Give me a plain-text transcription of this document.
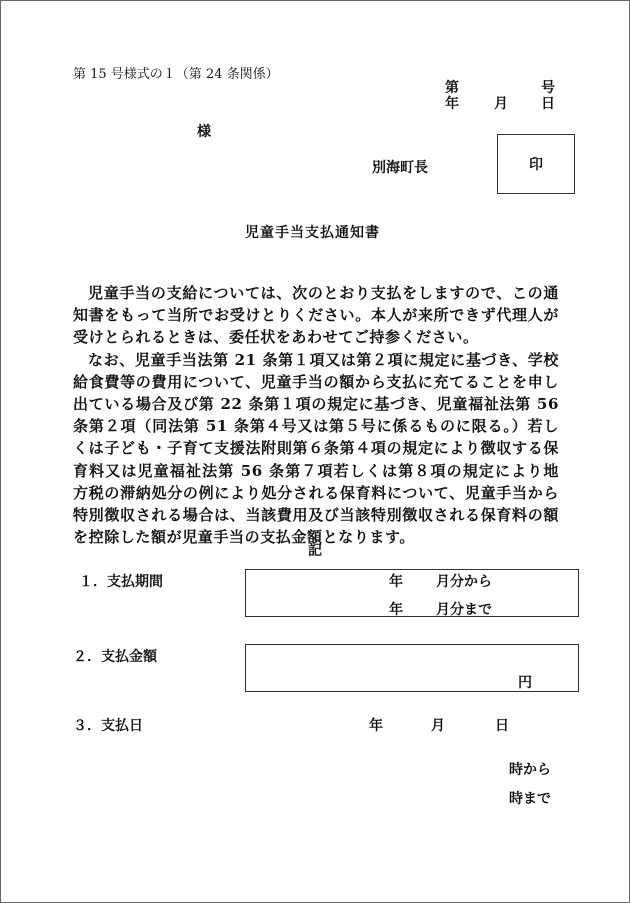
第 15 号様式の１（第 24 条関係）
第	号
年	月 日
様
別海町長	印
児童手当支払通知書

児童手当の支給については、次のとおり支払をしますので、この通知書をもって当所でお受けとりください。本人が来所できず代理人が受けとられるときは、委任状をあわせてご持参ください。

なお、児童手当法第 21 条第１項又は第２項に規定に基づき、学校給食費等の費用について、児童手当の額から支払に充てることを申し出ている場合及び第 22 条第１項の規定に基づき、児童福祉法第 56 条第２項（同法第 51 条第４号又は第５号に係るものに限る。）若しくは子ども・子育て支援法附則第６条第４項の規定により徴収する保育料又は児童福祉法第 56 条第７項若しくは第８項の規定により地方税の滞納処分の例により処分される保育料について、児童手当から特別徴収される場合は、当該費用及び当該特別徴収される保育料の額を控除した額が児童手当の支払金額となります。

記
１．支払期間	年 月分から
年 月分まで
２．支払金額
円
３．支払日	年	月	日
時から
時まで
